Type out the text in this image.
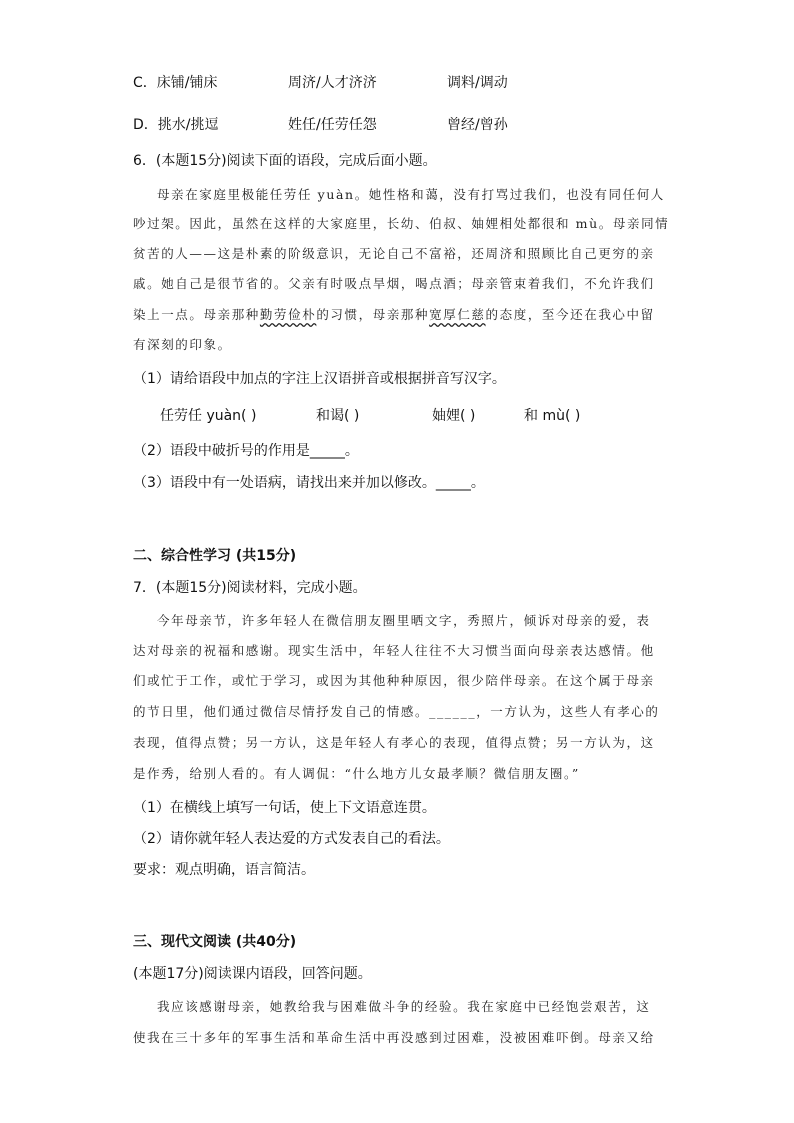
C．床铺/铺床	周济/人才济济	调料/调动
D．挑水/挑逗	姓任/任劳任怨	曾经/曾孙
6．(本题15分)阅读下面的语段，完成后面小题。
母亲在家庭里极能任劳任 yuàn。她性格和蔼，没有打骂过我们，也没有同任何人
吵过架。因此，虽然在这样的大家庭里，长幼、伯叔、妯娌相处都很和 mù。母亲同情
贫苦的人——这是朴素的阶级意识，无论自己不富裕，还周济和照顾比自己更穷的亲
戚。她自己是很节省的。父亲有时吸点旱烟，喝点酒；母亲管束着我们，不允许我们
染上一点。母亲那种勤劳俭朴的习惯，母亲那种宽厚仁慈的态度，至今还在我心中留
有深刻的印象。
（1）请给语段中加点的字注上汉语拼音或根据拼音写汉字。
任劳任 yuàn( )	和谒( )	妯娌( )	和 mù( )
（2）语段中破折号的作用是_____。
（3）语段中有一处语病，请找出来并加以修改。_____。
二、综合性学习 (共15分)
7．(本题15分)阅读材料，完成小题。
今年母亲节，许多年轻人在微信朋友圈里晒文字，秀照片，倾诉对母亲的爱，表
达对母亲的祝福和感谢。现实生活中，年轻人往往不大习惯当面向母亲表达感情。他
们或忙于工作，或忙于学习，或因为其他种种原因，很少陪伴母亲。在这个属于母亲
的节日里，他们通过微信尽情抒发自己的情感。______，一方认为，这些人有孝心的
表现，值得点赞；另一方认，这是年轻人有孝心的表现，值得点赞；另一方认为，这
是作秀，给别人看的。有人调侃：“什么地方儿女最孝顺？微信朋友圈。”
（1）在横线上填写一句话，使上下文语意连贯。
（2）请你就年轻人表达爱的方式发表自己的看法。
要求：观点明确，语言简洁。
三、现代文阅读 (共40分)
(本题17分)阅读课内语段，回答问题。
我应该感谢母亲，她教给我与困难做斗争的经验。我在家庭中已经饱尝艰苦，这
使我在三十多年的军事生活和革命生活中再没感到过困难，没被困难吓倒。母亲又给
